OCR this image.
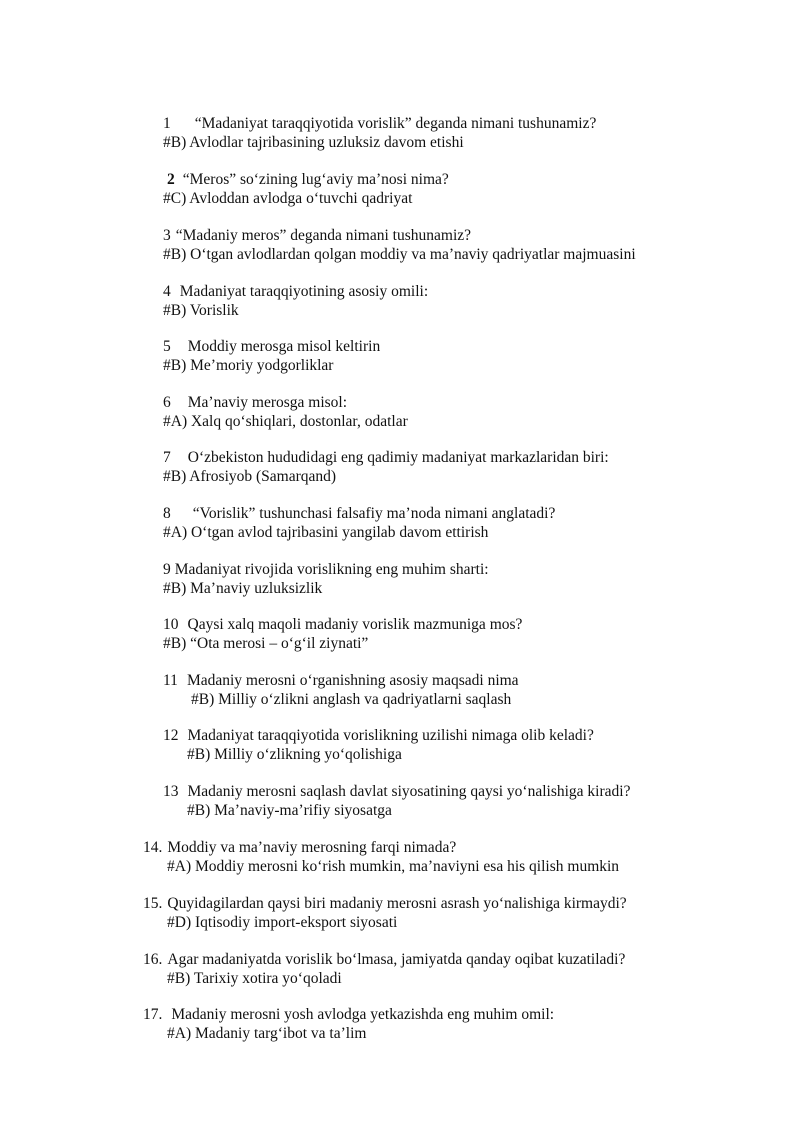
1 “Madaniyat taraqqiyotida vorislik” deganda nimani tushunamiz?
#B) Avlodlar tajribasining uzluksiz davom etishi
2 “Meros” so‘zining lug‘aviy ma’nosi nima?
#C) Avloddan avlodga o‘tuvchi qadriyat
3 “Madaniy meros” deganda nimani tushunamiz?
#B) O‘tgan avlodlardan qolgan moddiy va ma’naviy qadriyatlar majmuasini
4 Madaniyat taraqqiyotining asosiy omili:
#B) Vorislik
5 Moddiy merosga misol keltirin
#B) Me’moriy yodgorliklar
6 Ma’naviy merosga misol:
#A) Xalq qo‘shiqlari, dostonlar, odatlar
7 O‘zbekiston hududidagi eng qadimiy madaniyat markazlaridan biri:
#B) Afrosiyob (Samarqand)
8 “Vorislik” tushunchasi falsafiy ma’noda nimani anglatadi?
#A) O‘tgan avlod tajribasini yangilab davom ettirish
9 Madaniyat rivojida vorislikning eng muhim sharti:
#B) Ma’naviy uzluksizlik
10 Qaysi xalq maqoli madaniy vorislik mazmuniga mos?
#B) “Ota merosi – o‘g‘il ziynati”
11 Madaniy merosni o‘rganishning asosiy maqsadi nima
#B) Milliy o‘zlikni anglash va qadriyatlarni saqlash
12 Madaniyat taraqqiyotida vorislikning uzilishi nimaga olib keladi?
#B) Milliy o‘zlikning yo‘qolishiga
13 Madaniy merosni saqlash davlat siyosatining qaysi yo‘nalishiga kiradi?
#B) Ma’naviy-ma’rifiy siyosatga
14. Moddiy va ma’naviy merosning farqi nimada?
#A) Moddiy merosni ko‘rish mumkin, ma’naviyni esa his qilish mumkin
15. Quyidagilardan qaysi biri madaniy merosni asrash yo‘nalishiga kirmaydi?
#D) Iqtisodiy import-eksport siyosati
16. Agar madaniyatda vorislik bo‘lmasa, jamiyatda qanday oqibat kuzatiladi?
#B) Tarixiy xotira yo‘qoladi
17. Madaniy merosni yosh avlodga yetkazishda eng muhim omil:
#A) Madaniy targ‘ibot va ta’lim
